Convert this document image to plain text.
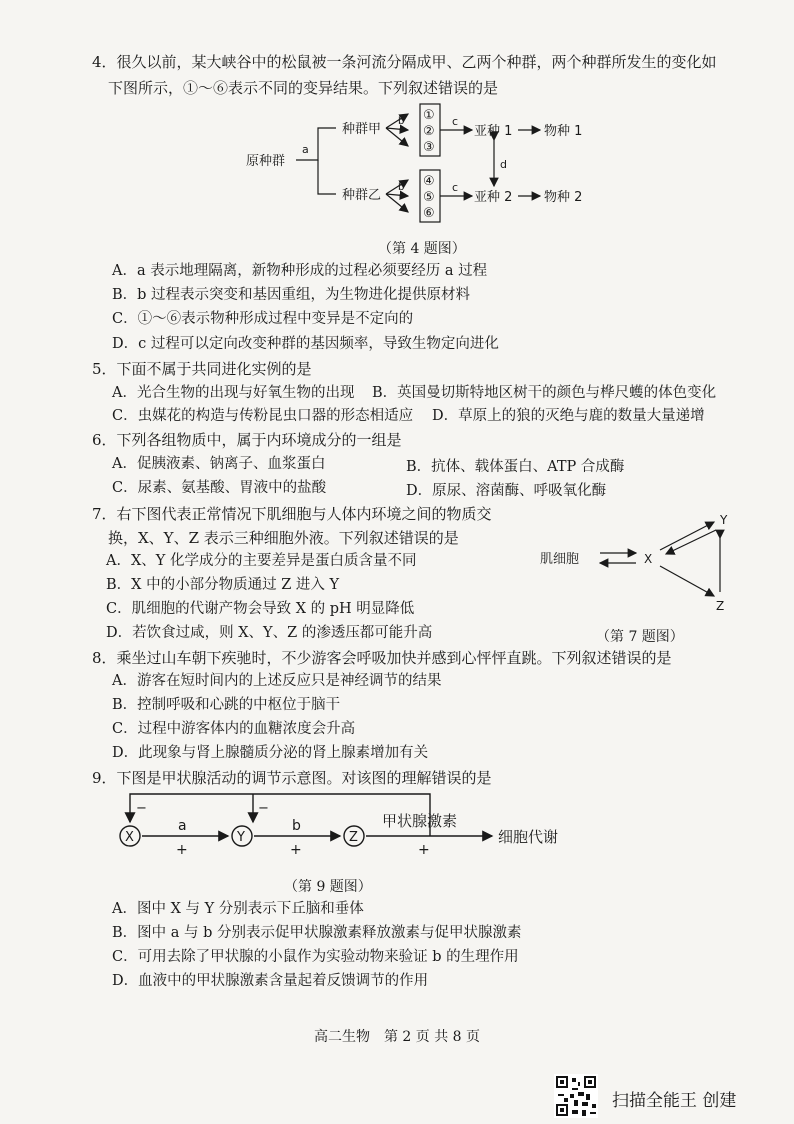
4．很久以前，某大峡谷中的松鼠被一条河流分隔成甲、乙两个种群，两个种群所发生的变化如
下图所示，①～⑥表示不同的变异结果。下列叙述错误的是
原种群
a
种群甲
种群乙
b
b
①
②
③
④
⑤
⑥
c
c
亚种 1
亚种 2
d
物种 1
物种 2
（第 4 题图）
A．a 表示地理隔离，新物种形成的过程必须要经历 a 过程
B．b 过程表示突变和基因重组，为生物进化提供原材料
C．①～⑥表示物种形成过程中变异是不定向的
D．c 过程可以定向改变种群的基因频率，导致生物定向进化
5．下面不属于共同进化实例的是
A．光合生物的出现与好氧生物的出现 B．英国曼切斯特地区树干的颜色与桦尺蠖的体色变化
C．虫媒花的构造与传粉昆虫口器的形态相适应 D．草原上的狼的灭绝与鹿的数量大量递增
6．下列各组物质中，属于内环境成分的一组是
A．促胰液素、钠离子、血浆蛋白	B．抗体、载体蛋白、ATP 合成酶
C．尿素、氨基酸、胃液中的盐酸	D．原尿、溶菌酶、呼吸氧化酶
7．右下图代表正常情况下肌细胞与人体内环境之间的物质交
换，X、Y、Z 表示三种细胞外液。下列叙述错误的是
A．X、Y 化学成分的主要差异是蛋白质含量不同
B．X 中的小部分物质通过 Z 进入 Y
C．肌细胞的代谢产物会导致 X 的 pH 明显降低
D．若饮食过咸，则 X、Y、Z 的渗透压都可能升高
肌细胞	X
Y
Z
（第 7 题图）
8．乘坐过山车朝下疾驰时，不少游客会呼吸加快并感到心怦怦直跳。下列叙述错误的是
A．游客在短时间内的上述反应只是神经调节的结果
B．控制呼吸和心跳的中枢位于脑干
C．过程中游客体内的血糖浓度会升高
D．此现象与肾上腺髓质分泌的肾上腺素增加有关
9．下图是甲状腺活动的调节示意图。对该图的理解错误的是
−	−
X	Y	Z
a	b
+	+	+
甲状腺激素
细胞代谢
（第 9 题图）
A．图中 X 与 Y 分别表示下丘脑和垂体
B．图中 a 与 b 分别表示促甲状腺激素释放激素与促甲状腺激素
C．可用去除了甲状腺的小鼠作为实验动物来验证 b 的生理作用
D．血液中的甲状腺激素含量起着反馈调节的作用
高二生物　第 2 页 共 8 页
扫描全能王 创建
